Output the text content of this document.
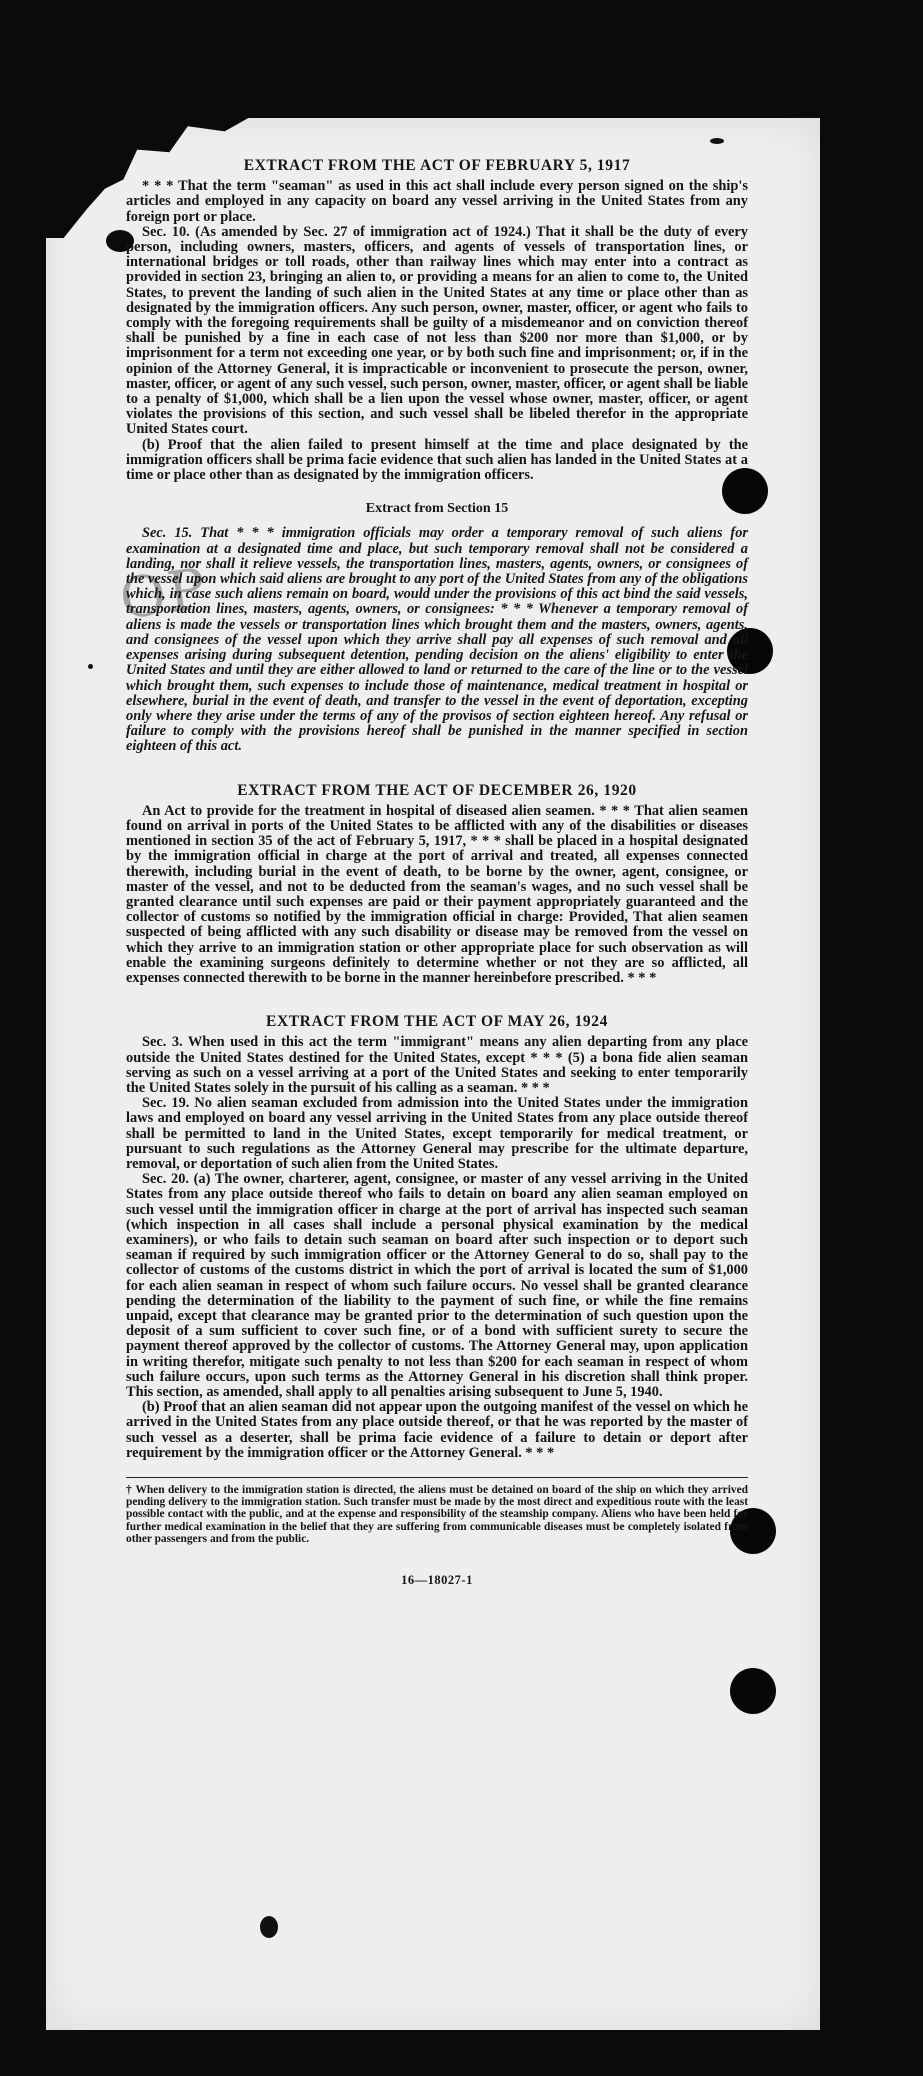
OP
EXTRACT FROM THE ACT OF FEBRUARY 5, 1917

* * * That the term "seaman" as used in this act shall include every person signed on the ship's articles and employed in any capacity on board any vessel arriving in the United States from any foreign port or place.

Sec. 10. (As amended by Sec. 27 of immigration act of 1924.) That it shall be the duty of every person, including owners, masters, officers, and agents of vessels of transportation lines, or international bridges or toll roads, other than railway lines which may enter into a contract as provided in section 23, bringing an alien to, or providing a means for an alien to come to, the United States, to prevent the landing of such alien in the United States at any time or place other than as designated by the immigration officers. Any such person, owner, master, officer, or agent who fails to comply with the foregoing requirements shall be guilty of a misdemeanor and on conviction thereof shall be punished by a fine in each case of not less than $200 nor more than $1,000, or by imprisonment for a term not exceeding one year, or by both such fine and imprisonment; or, if in the opinion of the Attorney General, it is impracticable or inconvenient to prosecute the person, owner, master, officer, or agent of any such vessel, such person, owner, master, officer, or agent shall be liable to a penalty of $1,000, which shall be a lien upon the vessel whose owner, master, officer, or agent violates the provisions of this section, and such vessel shall be libeled therefor in the appropriate United States court.

(b) Proof that the alien failed to present himself at the time and place designated by the immigration officers shall be prima facie evidence that such alien has landed in the United States at a time or place other than as designated by the immigration officers.

Extract from Section 15

Sec. 15. That * * * immigration officials may order a temporary removal of such aliens for examination at a designated time and place, but such temporary removal shall not be considered a landing, nor shall it relieve vessels, the transportation lines, masters, agents, owners, or consignees of the vessel upon which said aliens are brought to any port of the United States from any of the obligations which, in case such aliens remain on board, would under the provisions of this act bind the said vessels, transportation lines, masters, agents, owners, or consignees: * * * Whenever a temporary removal of aliens is made the vessels or transportation lines which brought them and the masters, owners, agents, and consignees of the vessel upon which they arrive shall pay all expenses of such removal and all expenses arising during subsequent detention, pending decision on the aliens' eligibility to enter the United States and until they are either allowed to land or returned to the care of the line or to the vessel which brought them, such expenses to include those of maintenance, medical treatment in hospital or elsewhere, burial in the event of death, and transfer to the vessel in the event of deportation, excepting only where they arise under the terms of any of the provisos of section eighteen hereof. Any refusal or failure to comply with the provisions hereof shall be punished in the manner specified in section eighteen of this act.

EXTRACT FROM THE ACT OF DECEMBER 26, 1920

An Act to provide for the treatment in hospital of diseased alien seamen. * * * That alien seamen found on arrival in ports of the United States to be afflicted with any of the disabilities or diseases mentioned in section 35 of the act of February 5, 1917, * * * shall be placed in a hospital designated by the immigration official in charge at the port of arrival and treated, all expenses connected therewith, including burial in the event of death, to be borne by the owner, agent, consignee, or master of the vessel, and not to be deducted from the seaman's wages, and no such vessel shall be granted clearance until such expenses are paid or their payment appropriately guaranteed and the collector of customs so notified by the immigration official in charge: Provided, That alien seamen suspected of being afflicted with any such disability or disease may be removed from the vessel on which they arrive to an immigration station or other appropriate place for such observation as will enable the examining surgeons definitely to determine whether or not they are so afflicted, all expenses connected therewith to be borne in the manner hereinbefore prescribed. * * *

EXTRACT FROM THE ACT OF MAY 26, 1924

Sec. 3. When used in this act the term "immigrant" means any alien departing from any place outside the United States destined for the United States, except * * * (5) a bona fide alien seaman serving as such on a vessel arriving at a port of the United States and seeking to enter temporarily the United States solely in the pursuit of his calling as a seaman. * * *

Sec. 19. No alien seaman excluded from admission into the United States under the immigration laws and employed on board any vessel arriving in the United States from any place outside thereof shall be permitted to land in the United States, except temporarily for medical treatment, or pursuant to such regulations as the Attorney General may prescribe for the ultimate departure, removal, or deportation of such alien from the United States.

Sec. 20. (a) The owner, charterer, agent, consignee, or master of any vessel arriving in the United States from any place outside thereof who fails to detain on board any alien seaman employed on such vessel until the immigration officer in charge at the port of arrival has inspected such seaman (which inspection in all cases shall include a personal physical examination by the medical examiners), or who fails to detain such seaman on board after such inspection or to deport such seaman if required by such immigration officer or the Attorney General to do so, shall pay to the collector of customs of the customs district in which the port of arrival is located the sum of $1,000 for each alien seaman in respect of whom such failure occurs. No vessel shall be granted clearance pending the determination of the liability to the payment of such fine, or while the fine remains unpaid, except that clearance may be granted prior to the determination of such question upon the deposit of a sum sufficient to cover such fine, or of a bond with sufficient surety to secure the payment thereof approved by the collector of customs. The Attorney General may, upon application in writing therefor, mitigate such penalty to not less than $200 for each seaman in respect of whom such failure occurs, upon such terms as the Attorney General in his discretion shall think proper. This section, as amended, shall apply to all penalties arising subsequent to June 5, 1940.

(b) Proof that an alien seaman did not appear upon the outgoing manifest of the vessel on which he arrived in the United States from any place outside thereof, or that he was reported by the master of such vessel as a deserter, shall be prima facie evidence of a failure to detain or deport after requirement by the immigration officer or the Attorney General. * * *

† When delivery to the immigration station is directed, the aliens must be detained on board of the ship on which they arrived pending delivery to the immigration station. Such transfer must be made by the most direct and expeditious route with the least possible contact with the public, and at the expense and responsibility of the steamship company. Aliens who have been held for further medical examination in the belief that they are suffering from communicable diseases must be completely isolated from other passengers and from the public.
16—18027-1
